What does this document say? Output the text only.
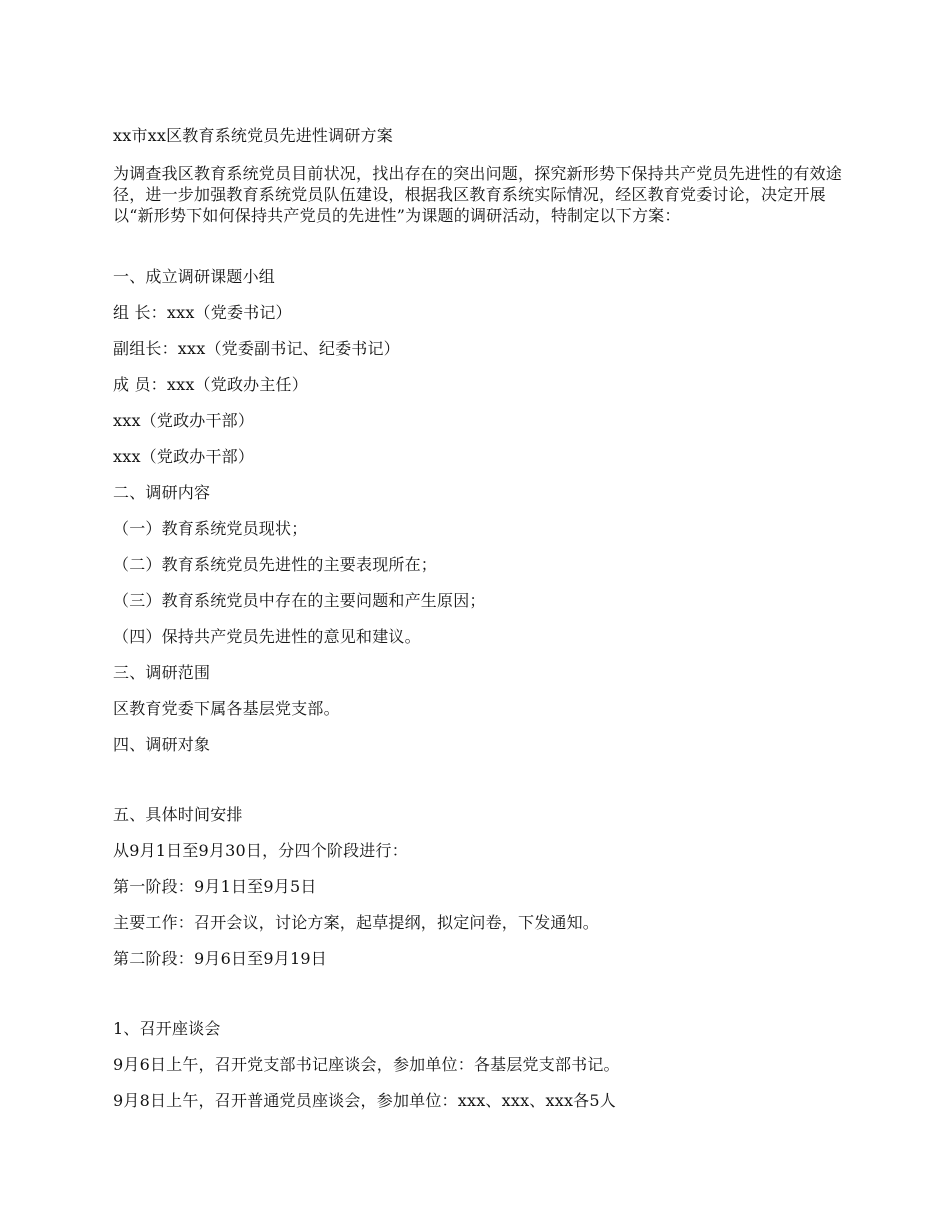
xx市xx区教育系统党员先进性调研方案
为调查我区教育系统党员目前状况，找出存在的突出问题，探究新形势下保持共产党员先进性的有效途径，进一步加强教育系统党员队伍建设，根据我区教育系统实际情况，经区教育党委讨论，决定开展以“新形势下如何保持共产党员的先进性”为课题的调研活动，特制定以下方案：
一、成立调研课题小组
组 长：xxx（党委书记）
副组长：xxx（党委副书记、纪委书记）
成 员：xxx（党政办主任）
xxx（党政办干部）
xxx（党政办干部）
二、调研内容
（一）教育系统党员现状；
（二）教育系统党员先进性的主要表现所在；
（三）教育系统党员中存在的主要问题和产生原因；
（四）保持共产党员先进性的意见和建议。
三、调研范围
区教育党委下属各基层党支部。
四、调研对象
五、具体时间安排
从9月1日至9月30日，分四个阶段进行：
第一阶段：9月1日至9月5日
主要工作：召开会议，讨论方案，起草提纲，拟定问卷，下发通知。
第二阶段：9月6日至9月19日
1、召开座谈会
9月6日上午，召开党支部书记座谈会，参加单位：各基层党支部书记。
9月8日上午，召开普通党员座谈会，参加单位：xxx、xxx、xxx各5人
